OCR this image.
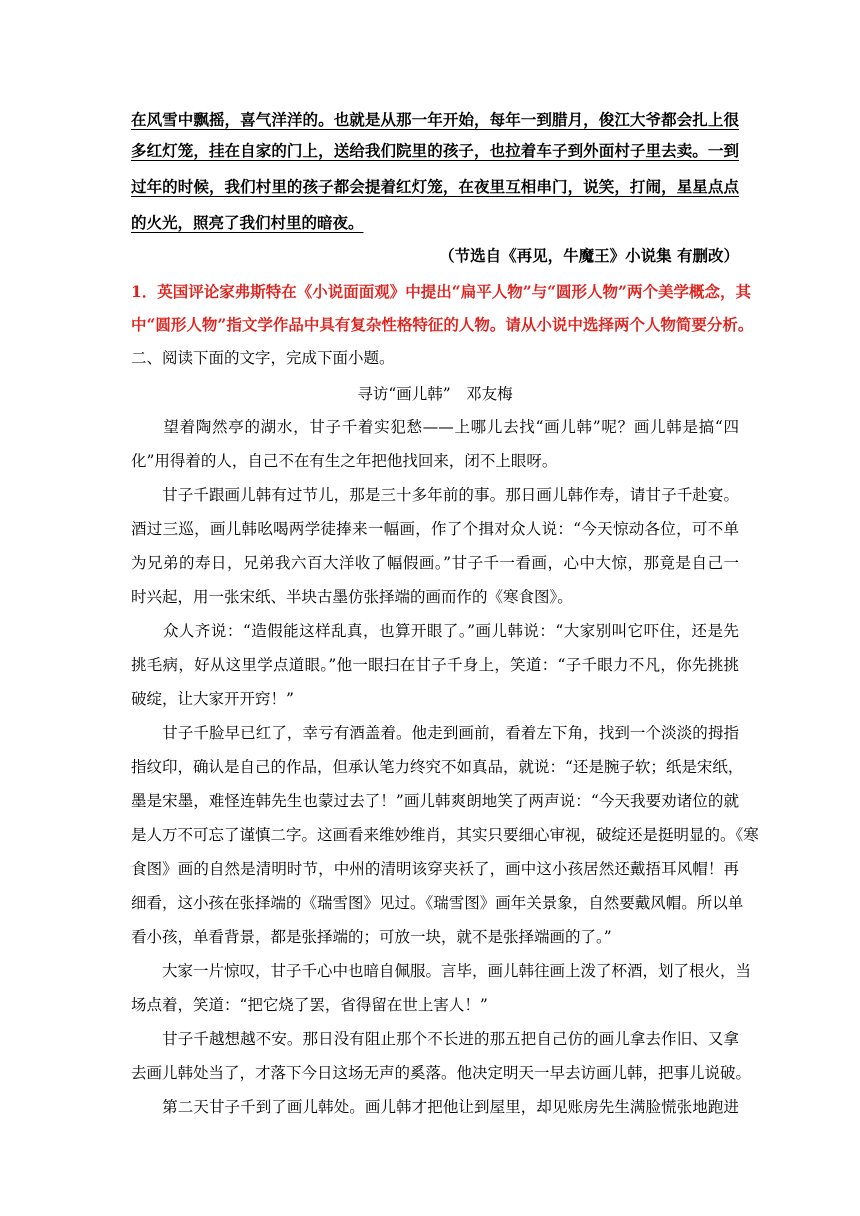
在风雪中飘摇，喜气洋洋的。也就是从那一年开始，每年一到腊月，俊江大爷都会扎上很
多红灯笼，挂在自家的门上，送给我们院里的孩子，也拉着车子到外面村子里去卖。一到
过年的时候，我们村里的孩子都会提着红灯笼，在夜里互相串门，说笑，打闹，星星点点
的火光，照亮了我们村里的暗夜。
（节选自《再见，牛魔王》小说集 有删改）
1．英国评论家弗斯特在《小说面面观》中提出“扁平人物”与“圆形人物”两个美学概念，其
中“圆形人物”指文学作品中具有复杂性格特征的人物。请从小说中选择两个人物简要分析。
二、阅读下面的文字，完成下面小题。
寻访“画儿韩”　邓友梅
　　望着陶然亭的湖水，甘子千着实犯愁——上哪儿去找“画儿韩”呢？画儿韩是搞“四
化”用得着的人，自己不在有生之年把他找回来，闭不上眼呀。
　　甘子千跟画儿韩有过节儿，那是三十多年前的事。那日画儿韩作寿，请甘子千赴宴。
酒过三巡，画儿韩吆喝两学徒捧来一幅画，作了个揖对众人说：“今天惊动各位，可不单
为兄弟的寿日，兄弟我六百大洋收了幅假画。”甘子千一看画，心中大惊，那竟是自己一
时兴起，用一张宋纸、半块古墨仿张择端的画而作的《寒食图》。
　　众人齐说：“造假能这样乱真，也算开眼了。”画儿韩说：“大家别叫它吓住，还是先
挑毛病，好从这里学点道眼。”他一眼扫在甘子千身上，笑道：“子千眼力不凡，你先挑挑
破绽，让大家开开窍！”
　　甘子千脸早已红了，幸亏有酒盖着。他走到画前，看着左下角，找到一个淡淡的拇指
指纹印，确认是自己的作品，但承认笔力终究不如真品，就说：“还是腕子软；纸是宋纸，
墨是宋墨，难怪连韩先生也蒙过去了！”画儿韩爽朗地笑了两声说：“今天我要劝诸位的就
是人万不可忘了谨慎二字。这画看来维妙维肖，其实只要细心审视，破绽还是挺明显的。《寒
食图》画的自然是清明时节，中州的清明该穿夹袄了，画中这小孩居然还戴捂耳风帽！再
细看，这小孩在张择端的《瑞雪图》见过。《瑞雪图》画年关景象，自然要戴风帽。所以单
看小孩，单看背景，都是张择端的；可放一块，就不是张择端画的了。”
　　大家一片惊叹，甘子千心中也暗自佩服。言毕，画儿韩往画上泼了杯酒，划了根火，当
场点着，笑道：“把它烧了罢，省得留在世上害人！”
　　甘子千越想越不安。那日没有阻止那个不长进的那五把自己仿的画儿拿去作旧、又拿
去画儿韩处当了，才落下今日这场无声的奚落。他决定明天一早去访画儿韩，把事儿说破。
　　第二天甘子千到了画儿韩处。画儿韩才把他让到屋里，却见账房先生满脸慌张地跑进
